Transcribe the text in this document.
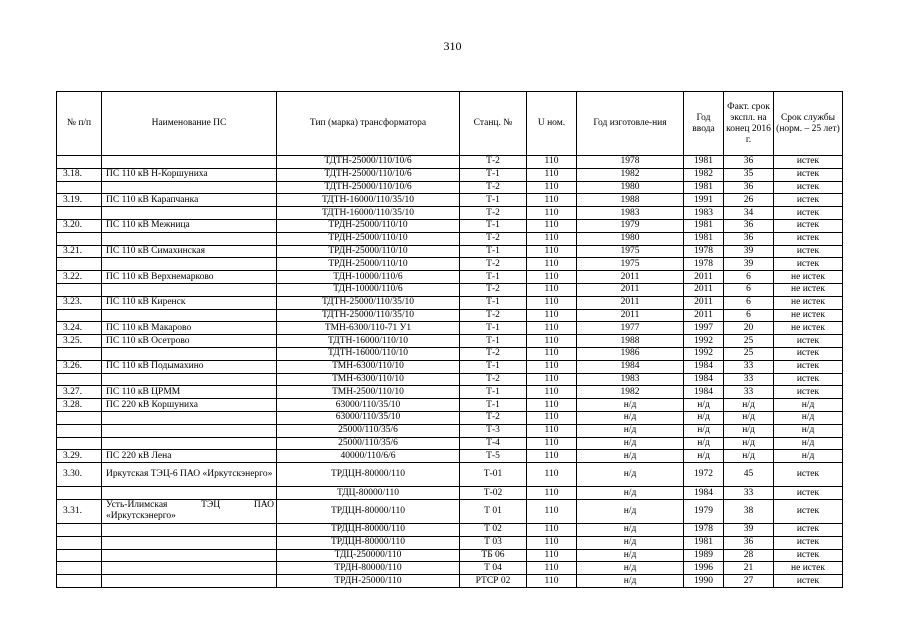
310
№ п/п	Наименование ПС	Тип (марка) трансформатора	Станц. №	U ном.	Год изготовле-ния	Год ввода	Факт. срок экспл. на конец 2016 г.	Срок службы (норм. – 25 лет)
		ТДТН-25000/110/10/6	Т-2	110	1978	1981	36	истек
3.18.	ПС 110 кВ Н-Коршуниха	ТДТН-25000/110/10/6	Т-1	110	1982	1982	35	истек
		ТДТН-25000/110/10/6	Т-2	110	1980	1981	36	истек
3.19.	ПС 110 кВ Карапчанка	ТДТН-16000/110/35/10	Т-1	110	1988	1991	26	истек
		ТДТН-16000/110/35/10	Т-2	110	1983	1983	34	истек
3.20.	ПС 110 кВ Межница	ТРДН-25000/110/10	Т-1	110	1979	1981	36	истек
		ТРДН-25000/110/10	Т-2	110	1980	1981	36	истек
3.21.	ПС 110 кВ Симахинская	ТРДН-25000/110/10	Т-1	110	1975	1978	39	истек
		ТРДН-25000/110/10	Т-2	110	1975	1978	39	истек
3.22.	ПС 110 кВ Верхнемарково	ТДН-10000/110/6	Т-1	110	2011	2011	6	не истек
		ТДН-10000/110/6	Т-2	110	2011	2011	6	не истек
3.23.	ПС 110 кВ Киренск	ТДТН-25000/110/35/10	Т-1	110	2011	2011	6	не истек
		ТДТН-25000/110/35/10	Т-2	110	2011	2011	6	не истек
3.24.	ПС 110 кВ Макарово	ТМН-6300/110-71 У1	Т-1	110	1977	1997	20	не истек
3.25.	ПС 110 кВ Осетрово	ТДТН-16000/110/10	Т-1	110	1988	1992	25	истек
		ТДТН-16000/110/10	Т-2	110	1986	1992	25	истек
3.26.	ПС 110 кВ Подымахино	ТМН-6300/110/10	Т-1	110	1984	1984	33	истек
		ТМН-6300/110/10	Т-2	110	1983	1984	33	истек
3.27.	ПС 110 кВ ЦРММ	ТМН-2500/110/10	Т-1	110	1982	1984	33	истек
3.28.	ПС 220 кВ Коршуниха	63000/110/35/10	Т-1	110	н/д	н/д	н/д	н/д
		63000/110/35/10	Т-2	110	н/д	н/д	н/д	н/д
		25000/110/35/6	Т-3	110	н/д	н/д	н/д	н/д
		25000/110/35/6	Т-4	110	н/д	н/д	н/д	н/д
3.29.	ПС 220 кВ Лена	40000/110/6/6	Т-5	110	н/д	н/д	н/д	н/д
3.30.	Иркутская ТЭЦ-6 ПАО «Иркутскэнерго»	ТРДЦН-80000/110	Т-01	110	н/д	1972	45	истек
		ТДЦ-80000/110	Т-02	110	н/д	1984	33	истек
3.31.	Усть-Илимская ТЭЦ ПАО «Иркутскэнерго»	ТРДЦН-80000/110	Т 01	110	н/д	1979	38	истек
		ТРДЦН-80000/110	Т 02	110	н/д	1978	39	истек
		ТРДЦН-80000/110	Т 03	110	н/д	1981	36	истек
		ТДЦ-250000/110	ТБ 06	110	н/д	1989	28	истек
		ТРДН-80000/110	Т 04	110	н/д	1996	21	не истек
		ТРДН-25000/110	РТСР 02	110	н/д	1990	27	истек
